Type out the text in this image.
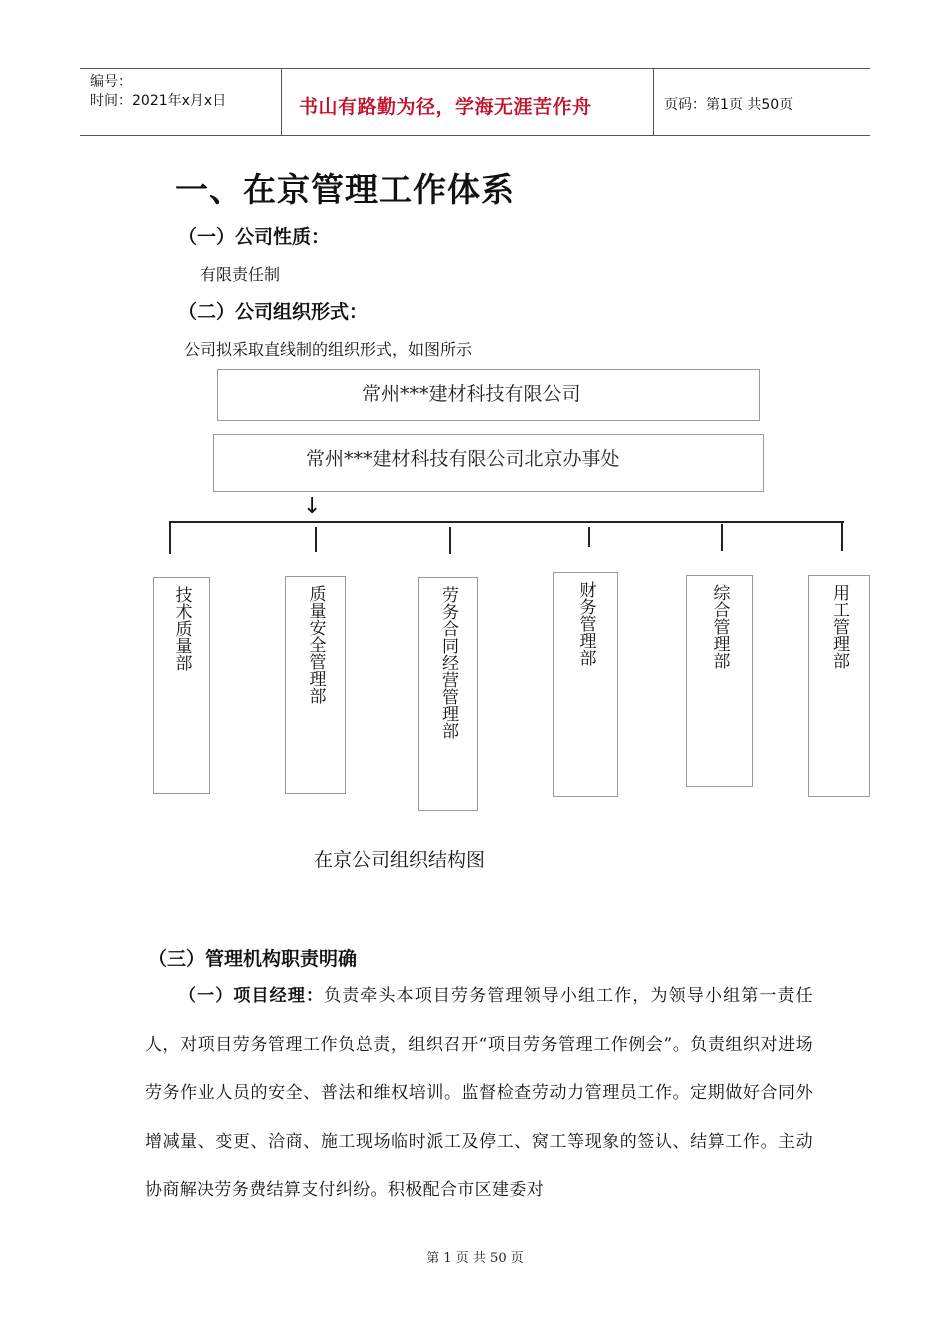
编号：
时间：2021年x月x日	书山有路勤为径，学海无涯苦作舟	页码：第1页 共50页
一、在京管理工作体系
（一）公司性质：
有限责任制
（二）公司组织形式：
公司拟采取直线制的组织形式，如图所示
常州***建材科技有限公司
常州***建材科技有限公司北京办事处
↓
技术质量部	质量安全管理部	劳务合同经营管理部	财务管理部	综合管理部	用工管理部
在京公司组织结构图
（三）管理机构职责明确
（一）项目经理：负责牵头本项目劳务管理领导小组工作，为领导小组第一责任人，对项目劳务管理工作负总责，组织召开“项目劳务管理工作例会”。负责组织对进场劳务作业人员的安全、普法和维权培训。监督检查劳动力管理员工作。定期做好合同外增减量、变更、洽商、施工现场临时派工及停工、窝工等现象的签认、结算工作。主动协商解决劳务费结算支付纠纷。积极配合市区建委对
第 1 页 共 50 页
